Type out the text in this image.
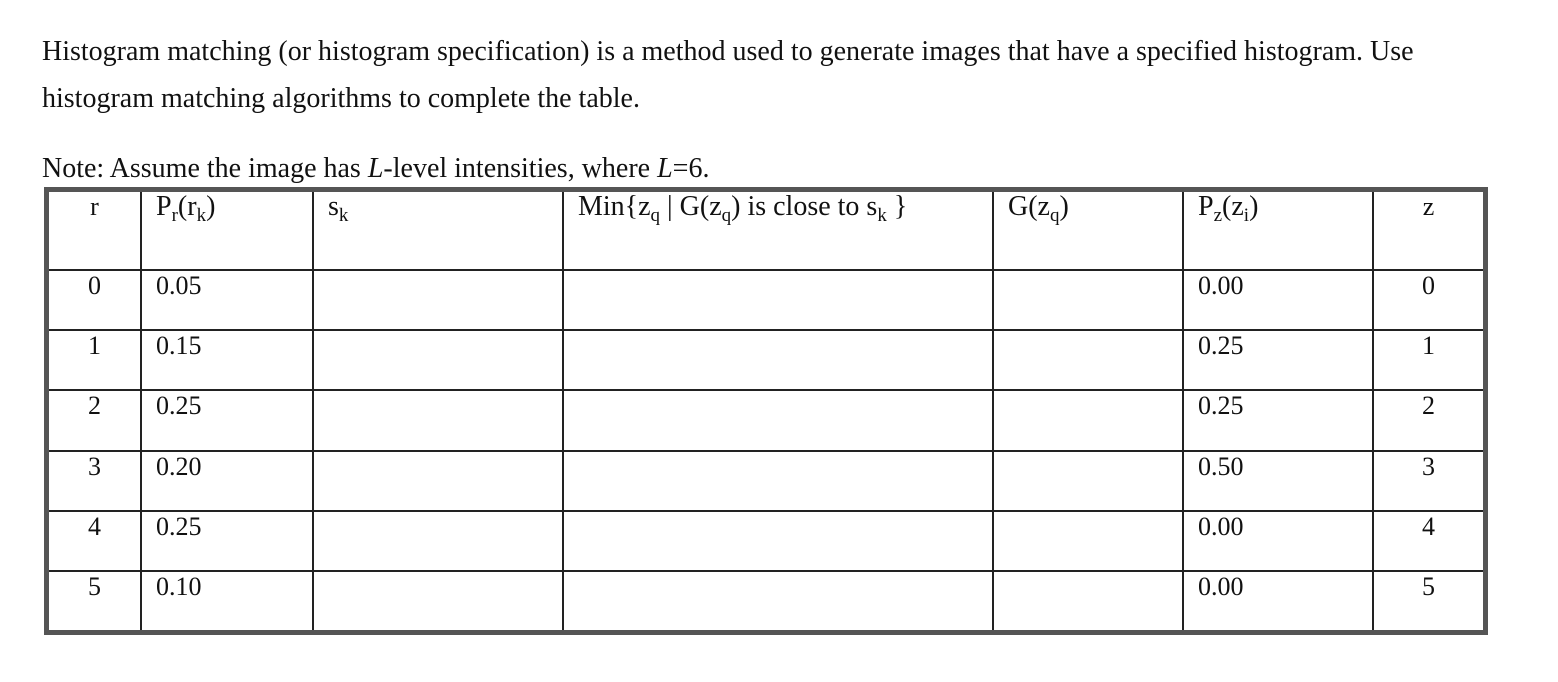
Histogram matching (or histogram specification) is a method used to generate images that have a specified histogram. Use histogram matching algorithms to complete the table.

Note: Assume the image has L-level intensities, where L=6.

r	$P_r(r_k)$	$s_k$	$Min\{z_q$ | $G(z_q)$ is close to $s_k$ }	$G(z_q)$	$P_z(z_i)$	z
0	0.05				0.00	0
1	0.15				0.25	1
2	0.25				0.25	2
3	0.20				0.50	3
4	0.25				0.00	4
5	0.10				0.00	5
